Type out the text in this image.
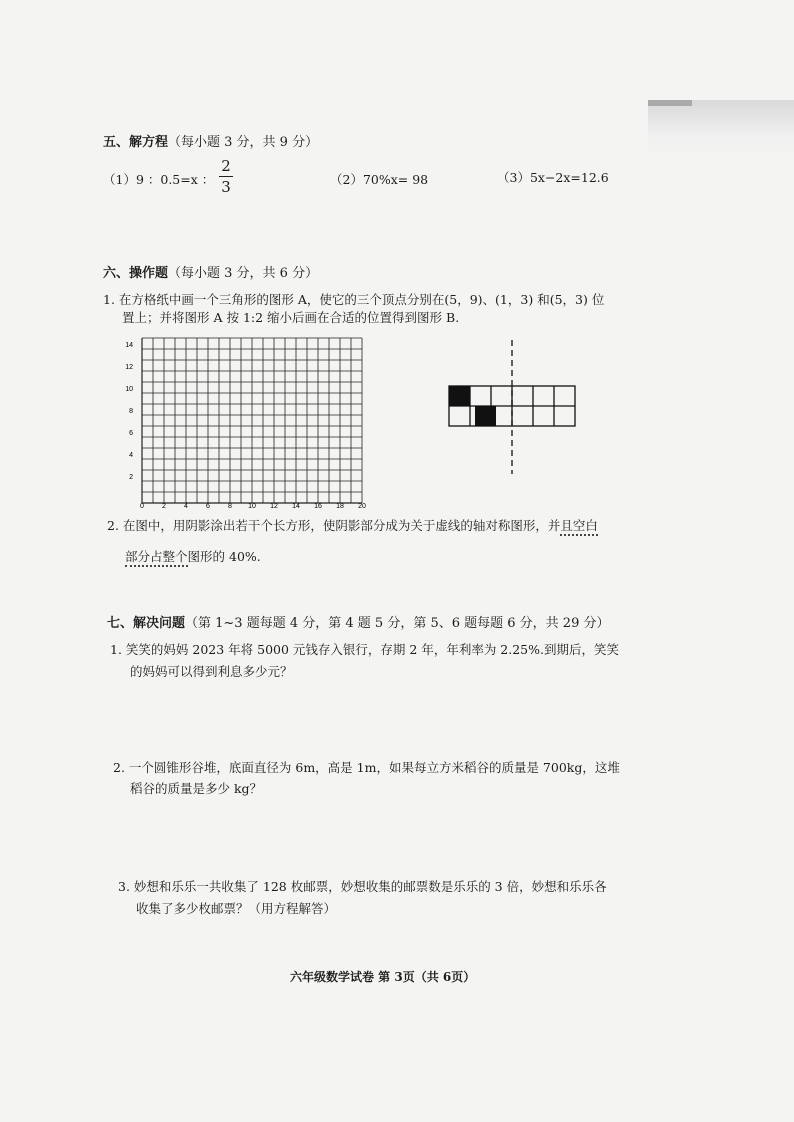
五、解方程（每小题 3 分，共 9 分）
（1）9 ：0.5=x ：
2
3	（2）70%x= 98	（3）5x−2x=12.6
六、操作题（每小题 3 分，共 6 分）
1. 在方格纸中画一个三角形的图形 A，使它的三个顶点分别在(5，9)、(1，3) 和(5，3) 位
置上；并将图形 A 按 1:2 缩小后画在合适的位置得到图形 B.
14
12
10
8
6
4
2
0	2	4	6	8 10 12 14 16 18 20
2. 在图中，用阴影涂出若干个长方形，使阴影部分成为关于虚线的轴对称图形，并且空白
部分占整个图形的 40%.
七、解决问题（第 1~3 题每题 4 分，第 4 题 5 分，第 5、6 题每题 6 分，共 29 分）
1. 笑笑的妈妈 2023 年将 5000 元钱存入银行，存期 2 年，年利率为 2.25%.到期后，笑笑
的妈妈可以得到利息多少元？
2. 一个圆锥形谷堆，底面直径为 6m，高是 1m，如果每立方米稻谷的质量是 700kg，这堆
稻谷的质量是多少 kg？
3. 妙想和乐乐一共收集了 128 枚邮票，妙想收集的邮票数是乐乐的 3 倍，妙想和乐乐各
收集了多少枚邮票？（用方程解答）
六年级数学试卷 第 3页（共 6页）
